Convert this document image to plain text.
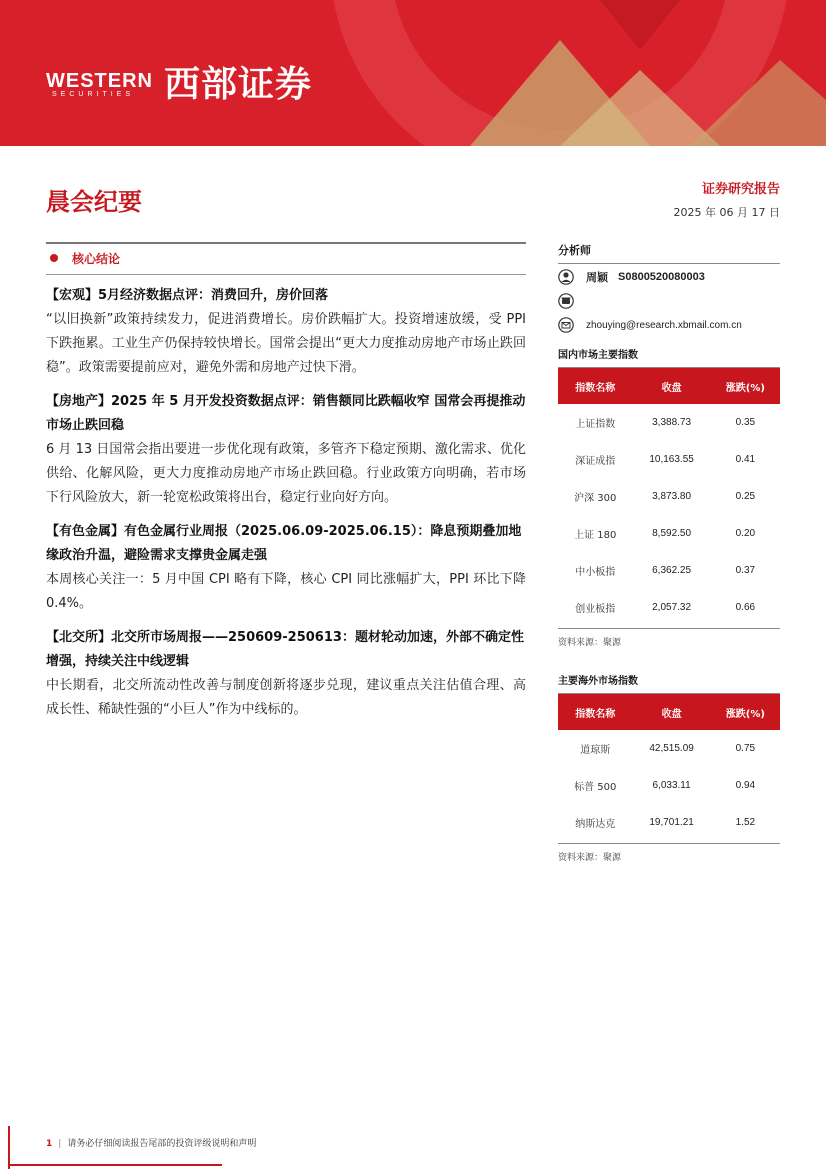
WESTERN
SECURITIES 西部证券
晨会纪要	证券研究报告
2025 年 06 月 17 日
核心结论

【宏观】5月经济数据点评：消费回升，房价回落

“以旧换新”政策持续发力，促进消费增长。房价跌幅扩大。投资增速放缓，受 PPI 下跌拖累。工业生产仍保持较快增长。国常会提出“更大力度推动房地产市场止跌回稳”。政策需要提前应对，避免外需和房地产过快下滑。

【房地产】2025 年 5 月开发投资数据点评：销售额同比跌幅收窄 国常会再提推动市场止跌回稳

6 月 13 日国常会指出要进一步优化现有政策，多管齐下稳定预期、激化需求、优化供给、化解风险，更大力度推动房地产市场止跌回稳。行业政策方向明确，若市场下行风险放大，新一轮宽松政策将出台，稳定行业向好方向。

【有色金属】有色金属行业周报（2025.06.09-2025.06.15）：降息预期叠加地缘政治升温，避险需求支撑贵金属走强

本周核心关注一：5 月中国 CPI 略有下降，核心 CPI 同比涨幅扩大，PPI 环比下降 0.4%。

【北交所】北交所市场周报——250609-250613：题材轮动加速，外部不确定性增强，持续关注中线逻辑

中长期看，北交所流动性改善与制度创新将逐步兑现，建议重点关注估值合理、高成长性、稀缺性强的“小巨人”作为中线标的。

分析师
周颖 S0800520080003
zhouying@research.xbmail.com.cn
国内市场主要指数
指数名称	收盘	涨跌(%)
上证指数	3,388.73	0.35
深证成指	10,163.55	0.41
沪深 300	3,873.80	0.25
上证 180	8,592.50	0.20
中小板指	6,362.25	0.37
创业板指	2,057.32	0.66
资料来源：聚源
主要海外市场指数
指数名称	收盘	涨跌(%)
道琼斯	42,515.09	0.75
标普 500	6,033.11	0.94
纳斯达克	19,701.21	1.52
资料来源：聚源
1 | 请务必仔细阅读报告尾部的投资评级说明和声明
